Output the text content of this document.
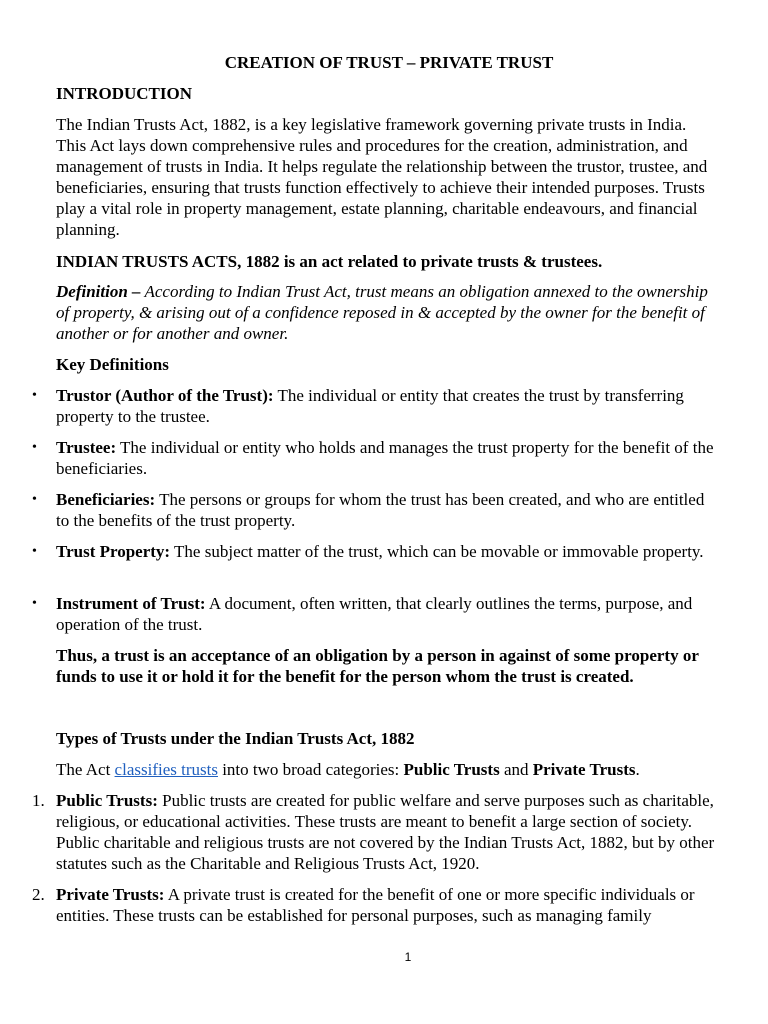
CREATION OF TRUST – PRIVATE TRUST
INTRODUCTION
The Indian Trusts Act, 1882, is a key legislative framework governing private trusts in India. This Act lays down comprehensive rules and procedures for the creation, administration, and management of trusts in India. It helps regulate the relationship between the trustor, trustee, and beneficiaries, ensuring that trusts function effectively to achieve their intended purposes. Trusts play a vital role in property management, estate planning, charitable endeavours, and financial planning.
INDIAN TRUSTS ACTS, 1882 is an act related to private trusts & trustees.
Definition – According to Indian Trust Act, trust means an obligation annexed to the ownership of property, & arising out of a confidence reposed in & accepted by the owner for the benefit of another or for another and owner.
Key Definitions
• Trustor (Author of the Trust): The individual or entity that creates the trust by transferring property to the trustee.
• Trustee: The individual or entity who holds and manages the trust property for the benefit of the beneficiaries.
• Beneficiaries: The persons or groups for whom the trust has been created, and who are entitled to the benefits of the trust property.
• Trust Property: The subject matter of the trust, which can be movable or immovable property.
• Instrument of Trust: A document, often written, that clearly outlines the terms, purpose, and operation of the trust.
Thus, a trust is an acceptance of an obligation by a person in against of some property or funds to use it or hold it for the benefit for the person whom the trust is created.
Types of Trusts under the Indian Trusts Act, 1882
The Act classifies trusts into two broad categories: Public Trusts and Private Trusts.
1. Public Trusts: Public trusts are created for public welfare and serve purposes such as charitable, religious, or educational activities. These trusts are meant to benefit a large section of society. Public charitable and religious trusts are not covered by the Indian Trusts Act, 1882, but by other statutes such as the Charitable and Religious Trusts Act, 1920.
2. Private Trusts: A private trust is created for the benefit of one or more specific individuals or entities. These trusts can be established for personal purposes, such as managing family
1
